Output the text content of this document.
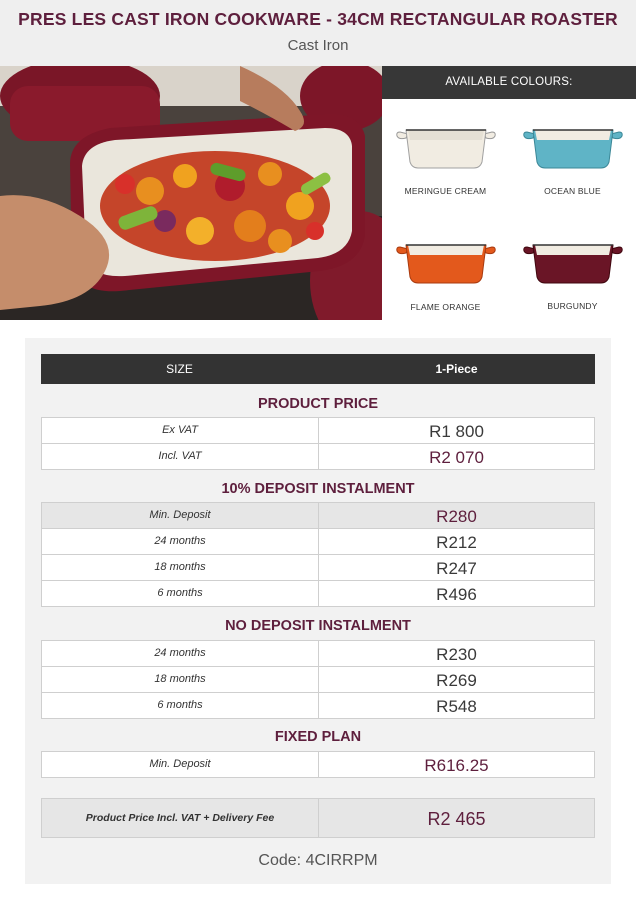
PRES LES CAST IRON COOKWARE - 34CM RECTANGULAR ROASTER
Cast Iron
AVAILABLE COLOURS:
MERINGUE CREAM	OCEAN BLUE
FLAME ORANGE	BURGUNDY
SIZE	1-Piece
PRODUCT PRICE
Ex VAT	R1 800
Incl. VAT	R2 070
10% DEPOSIT INSTALMENT
Min. Deposit	R280
24 months	R212
18 months	R247
6 months	R496
NO DEPOSIT INSTALMENT
24 months	R230
18 months	R269
6 months	R548
FIXED PLAN
Min. Deposit	R616.25
Product Price Incl. VAT + Delivery Fee	R2 465
Code: 4CIRRPM
